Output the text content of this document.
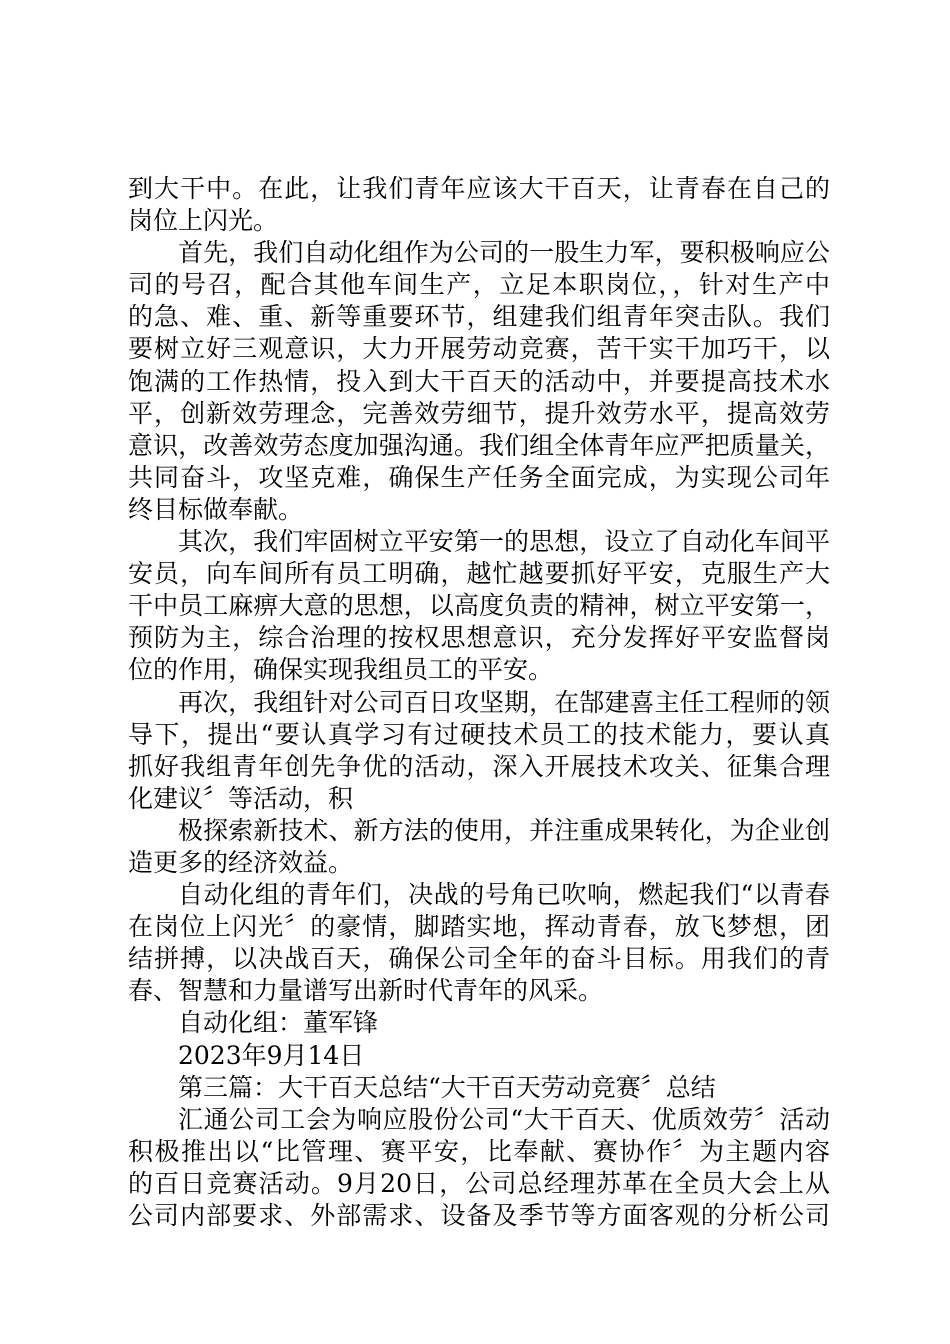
到大干中。在此，让我们青年应该大干百天，让青春在自己的
岗位上闪光。
首先，我们自动化组作为公司的一股生力军，要积极响应公
司的号召，配合其他车间生产，立足本职岗位，，针对生产中
的急、难、重、新等重要环节，组建我们组青年突击队。我们
要树立好三观意识，大力开展劳动竞赛，苦干实干加巧干，以
饱满的工作热情，投入到大干百天的活动中，并要提高技术水
平，创新效劳理念，完善效劳细节，提升效劳水平，提高效劳
意识，改善效劳态度加强沟通。我们组全体青年应严把质量关，
共同奋斗，攻坚克难，确保生产任务全面完成，为实现公司年
终目标做奉献。
其次，我们牢固树立平安第一的思想，设立了自动化车间平
安员，向车间所有员工明确，越忙越要抓好平安，克服生产大
干中员工麻痹大意的思想，以高度负责的精神，树立平安第一，
预防为主，综合治理的按权思想意识，充分发挥好平安监督岗
位的作用，确保实现我组员工的平安。
再次，我组针对公司百日攻坚期，在郜建喜主任工程师的领
导下，提出“要认真学习有过硬技术员工的技术能力，要认真
抓好我组青年创先争优的活动，深入开展技术攻关、征集合理
化建议〞等活动，积
极探索新技术、新方法的使用，并注重成果转化，为企业创
造更多的经济效益。
自动化组的青年们，决战的号角已吹响，燃起我们“以青春
在岗位上闪光〞的豪情，脚踏实地，挥动青春，放飞梦想，团
结拼搏，以决战百天，确保公司全年的奋斗目标。用我们的青
春、智慧和力量谱写出新时代青年的风采。
自动化组：董军锋
2023年9月14日
第三篇：大干百天总结“大干百天劳动竞赛〞总结
汇通公司工会为响应股份公司“大干百天、优质效劳〞活动
积极推出以“比管理、赛平安，比奉献、赛协作〞为主题内容
的百日竞赛活动。9月20日，公司总经理苏革在全员大会上从
公司内部要求、外部需求、设备及季节等方面客观的分析公司
